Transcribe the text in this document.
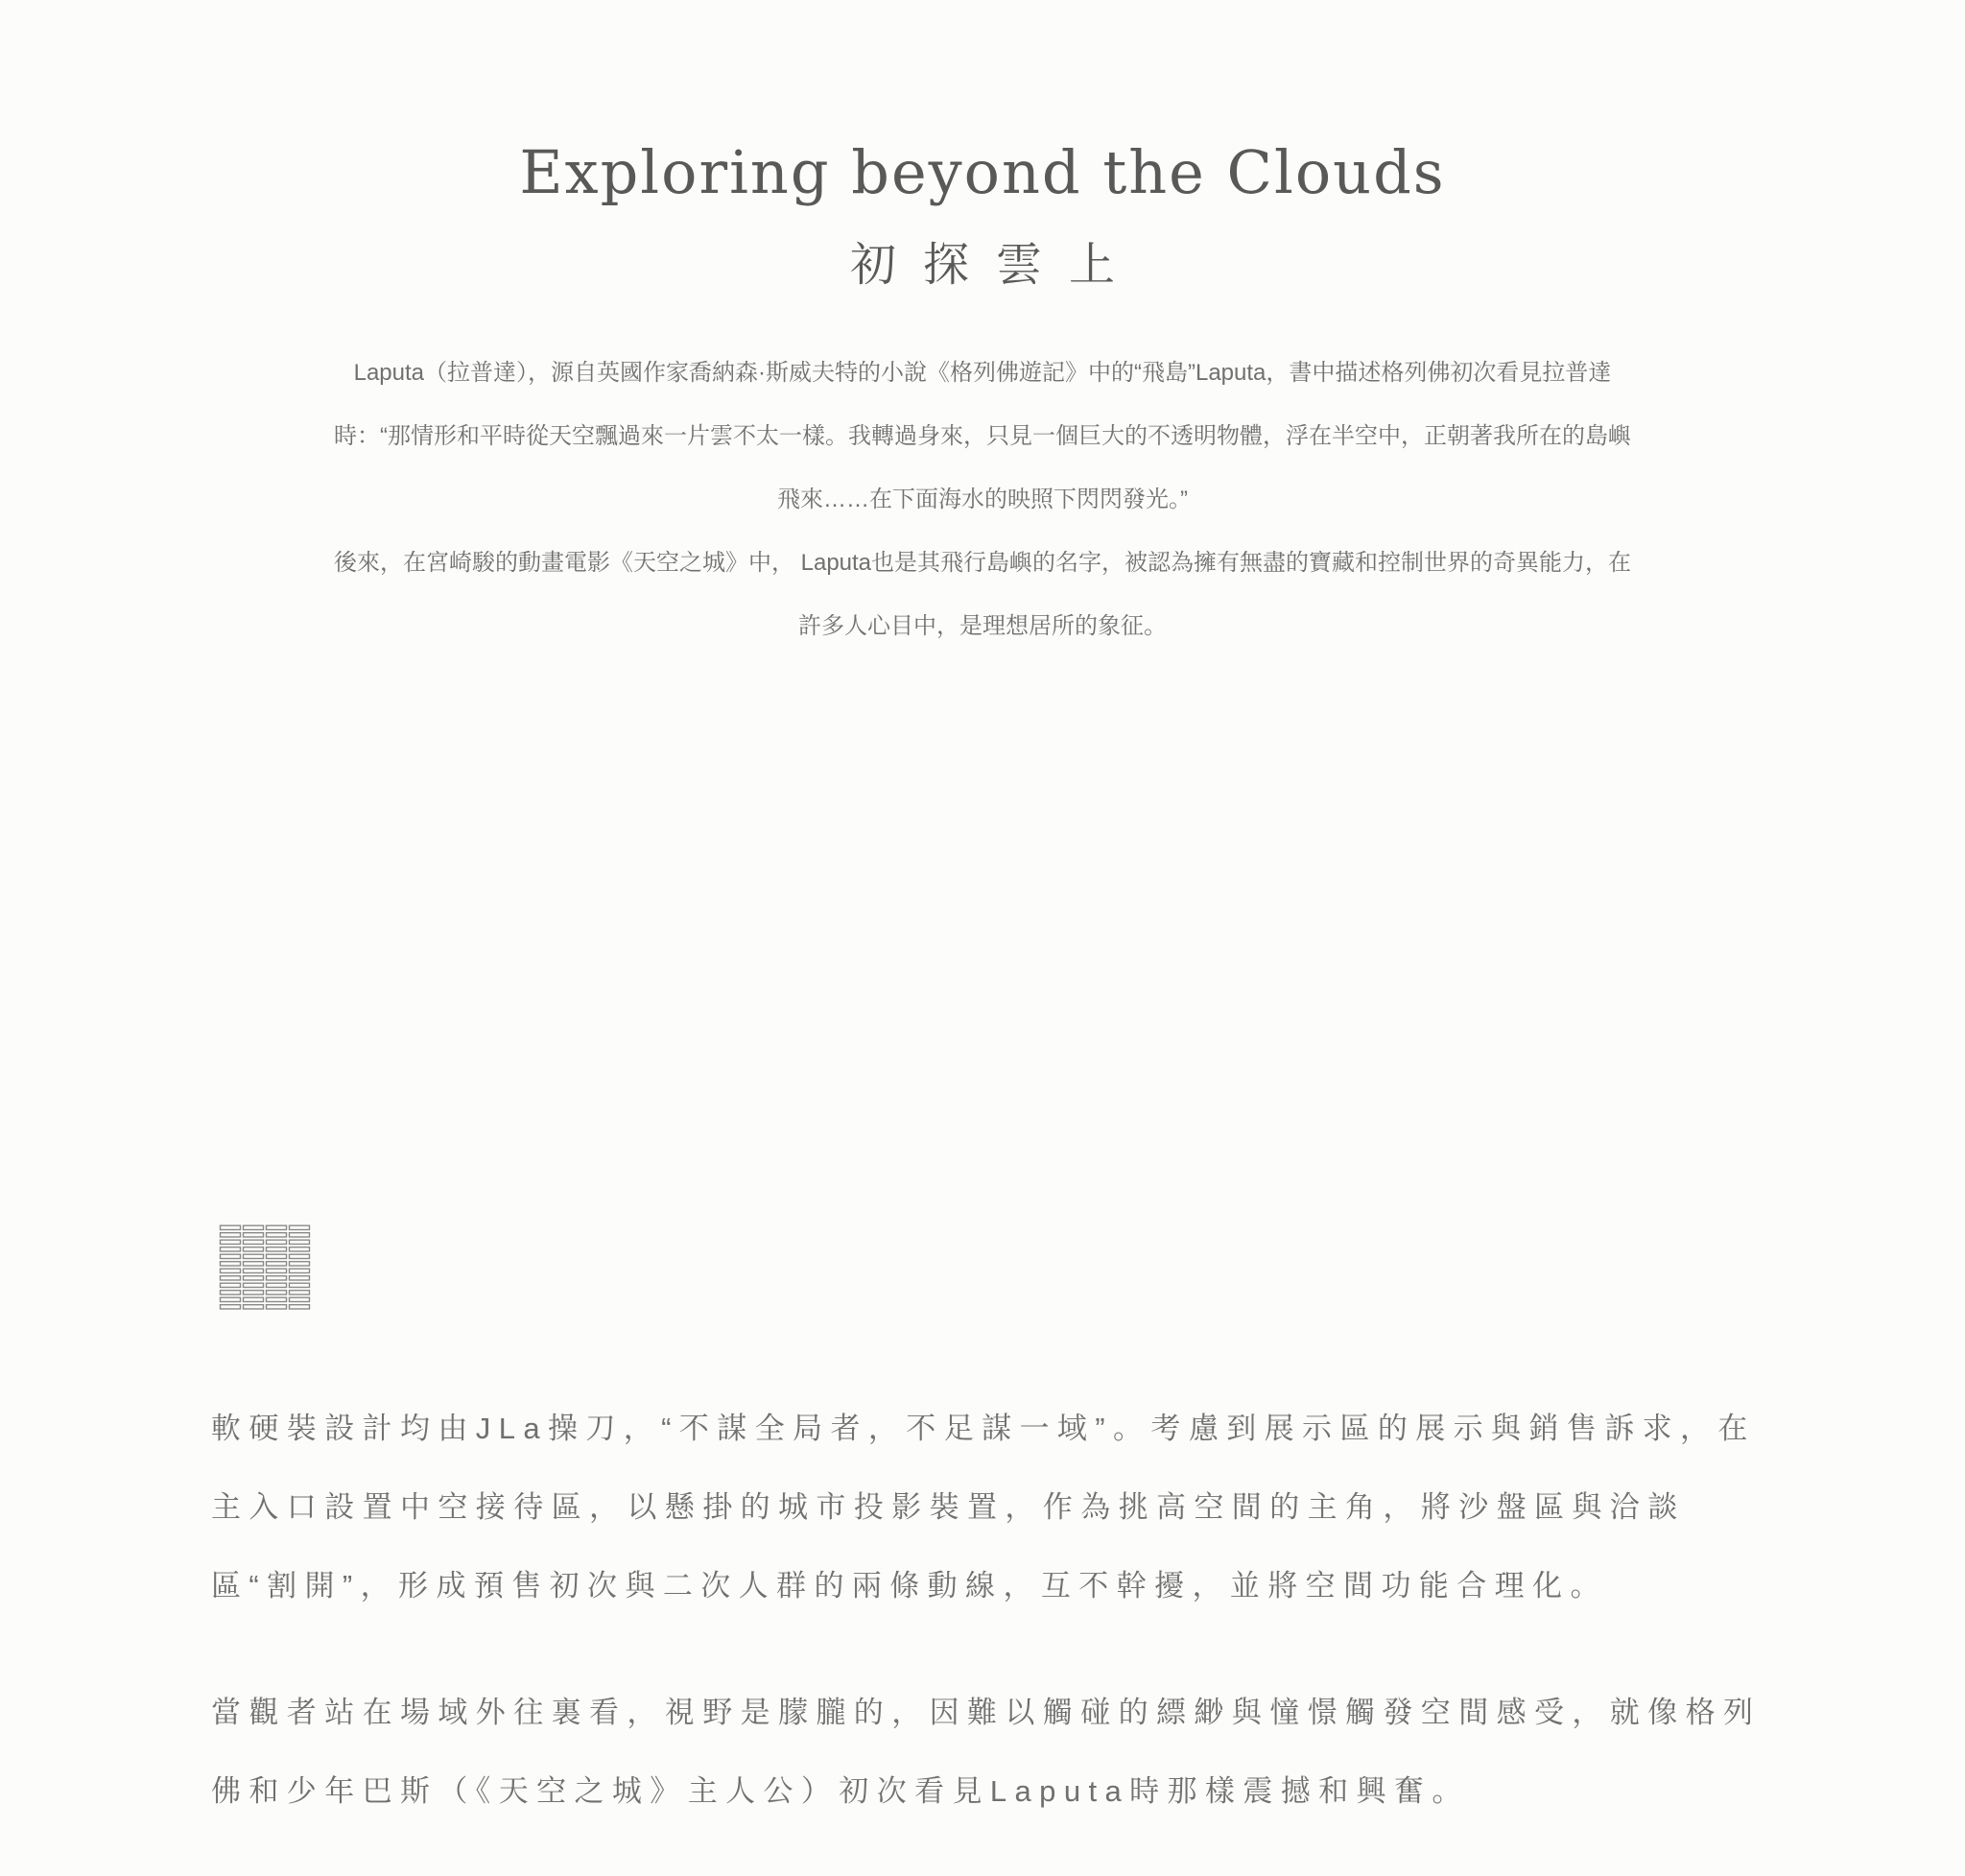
Exploring beyond the Clouds
初探雲上

Laputa（拉普達），源自英國作家喬納森·斯威夫特的小說《格列佛遊記》中的“飛島”Laputa，書中描述格列佛初次看見拉普達時：“那情形和平時從天空飄過來一片雲不太一樣。我轉過身來，只見一個巨大的不透明物體，浮在半空中，正朝著我所在的島嶼飛來……在下面海水的映照下閃閃發光。”

後來，在宮崎駿的動畫電影《天空之城》中， Laputa也是其飛行島嶼的名字，被認為擁有無盡的寶藏和控制世界的奇異能力，在許多人心目中，是理想居所的象征。

軟硬裝設計均由JLa操刀，“不謀全局者，不足謀一域”。考慮到展示區的展示與銷售訴求，在主入口設置中空接待區，以懸掛的城市投影裝置，作為挑高空間的主角，將沙盤區與洽談區“割開”，形成預售初次與二次人群的兩條動線，互不幹擾，並將空間功能合理化。

當觀者站在場域外往裏看，視野是朦朧的，因難以觸碰的縹緲與憧憬觸發空間感受，就像格列佛和少年巴斯（《天空之城》主人公）初次看見Laputa時那樣震撼和興奮。
